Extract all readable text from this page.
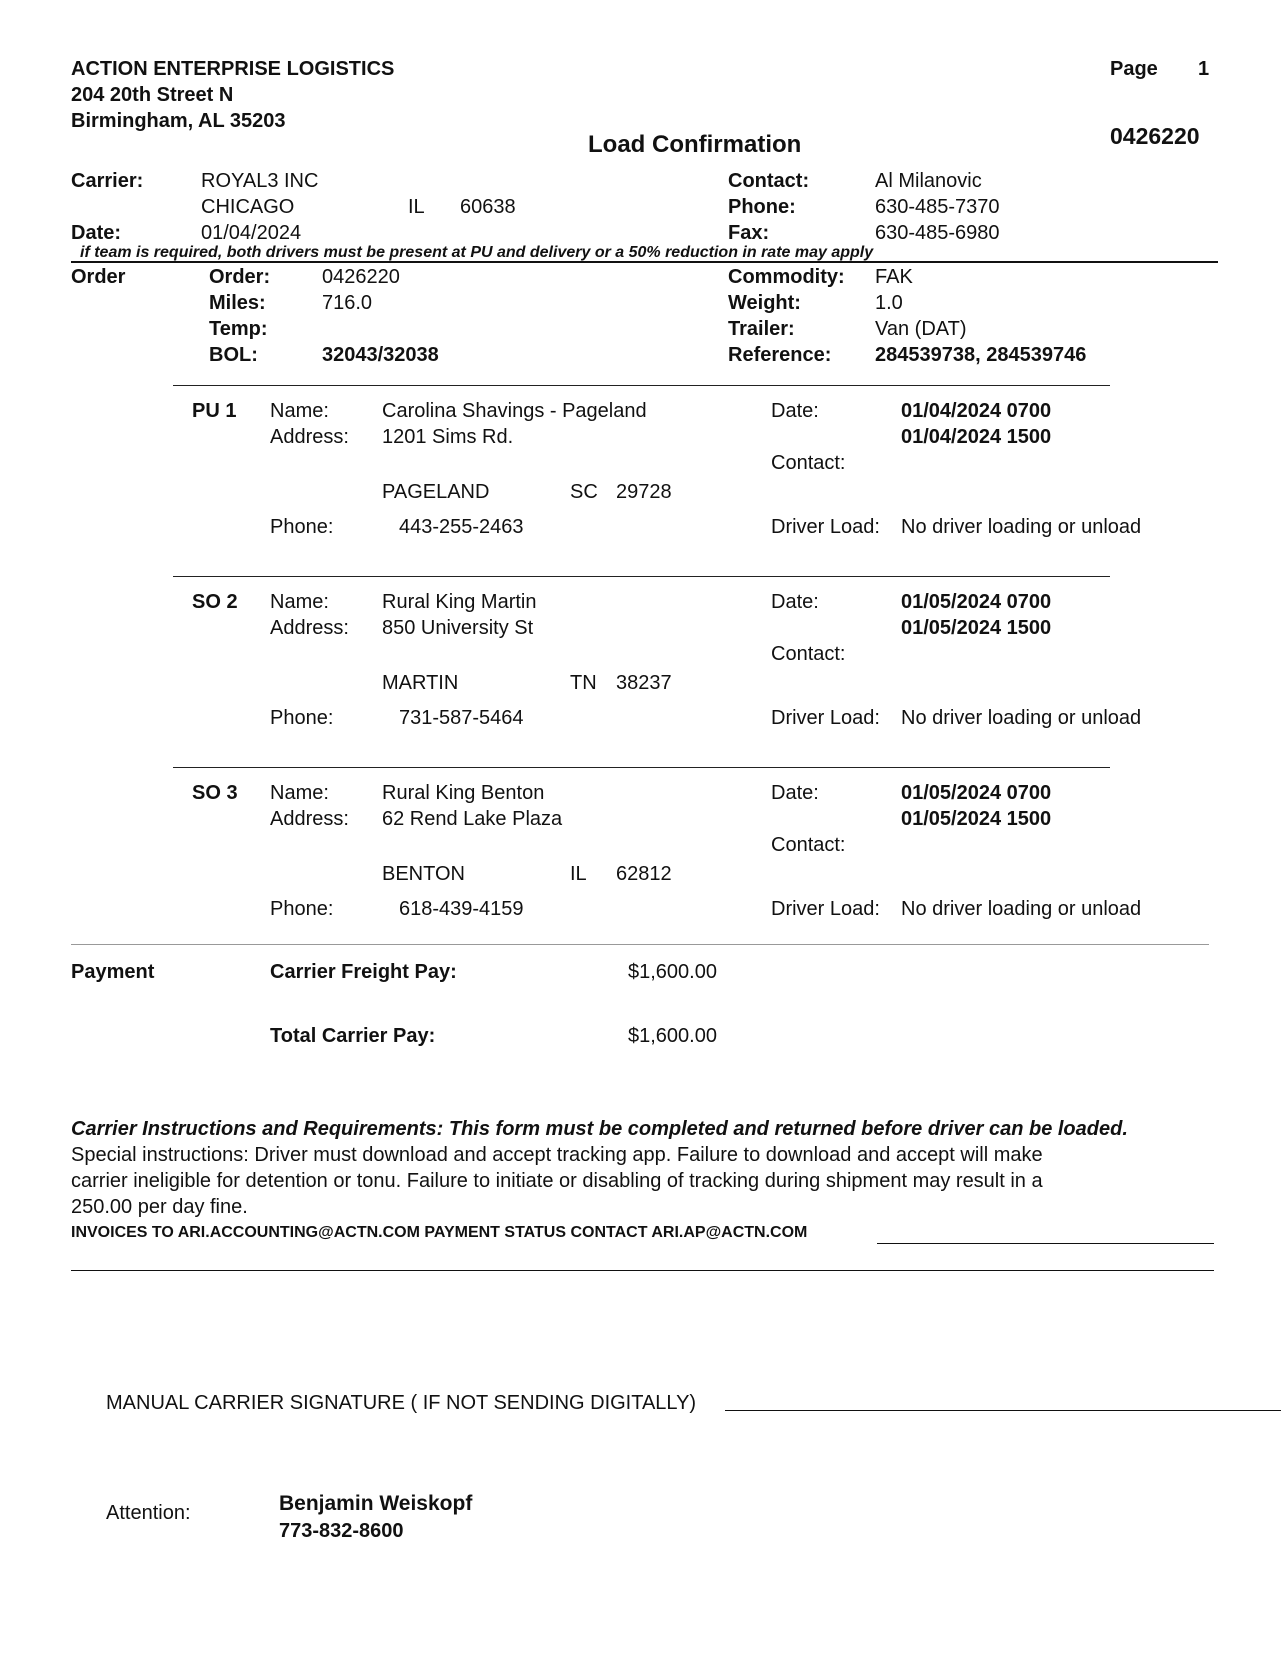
ACTION ENTERPRISE LOGISTICS
204 20th Street N
Birmingham, AL 35203
Page 1
Load Confirmation	0426220
Carrier:	ROYAL3 INC
CHICAGO	IL 60638
Date:	01/04/2024
Contact:	Al Milanovic
Phone:	630-485-7370
Fax:	630-485-6980
if team is required, both drivers must be present at PU and delivery or a 50% reduction in rate may apply
Order	Order:	0426220
Miles:	716.0
Temp:
BOL:	32043/32038
Commodity: FAK
Weight:	1.0
Trailer:	Van (DAT)
Reference: 284539738, 284539746
PU 1 Name:	Carolina Shavings - Pageland
Address: 1201 Sims Rd.
PAGELAND	SC 29728
Phone:	443-255-2463
Date:	01/04/2024 0700
01/04/2024 1500
Contact:
Driver Load: No driver loading or unload
SO 2 Name:	Rural King Martin
Address: 850 University St
MARTIN	TN 38237
Phone:	731-587-5464
Date:	01/05/2024 0700
01/05/2024 1500
Contact:
Driver Load: No driver loading or unload
SO 3 Name:	Rural King Benton
Address: 62 Rend Lake Plaza
BENTON	IL 62812
Phone:	618-439-4159
Date:	01/05/2024 0700
01/05/2024 1500
Contact:
Driver Load: No driver loading or unload
Payment	Carrier Freight Pay:	$1,600.00
Total Carrier Pay:	$1,600.00
Carrier Instructions and Requirements: This form must be completed and returned before driver can be loaded.
Special instructions: Driver must download and accept tracking app. Failure to download and accept will make
carrier ineligible for detention or tonu. Failure to initiate or disabling of tracking during shipment may result in a
250.00 per day fine.
INVOICES TO ARI.ACCOUNTING@ACTN.COM PAYMENT STATUS CONTACT ARI.AP@ACTN.COM
MANUAL CARRIER SIGNATURE ( IF NOT SENDING DIGITALLY)
Attention:	Benjamin Weiskopf
773-832-8600
